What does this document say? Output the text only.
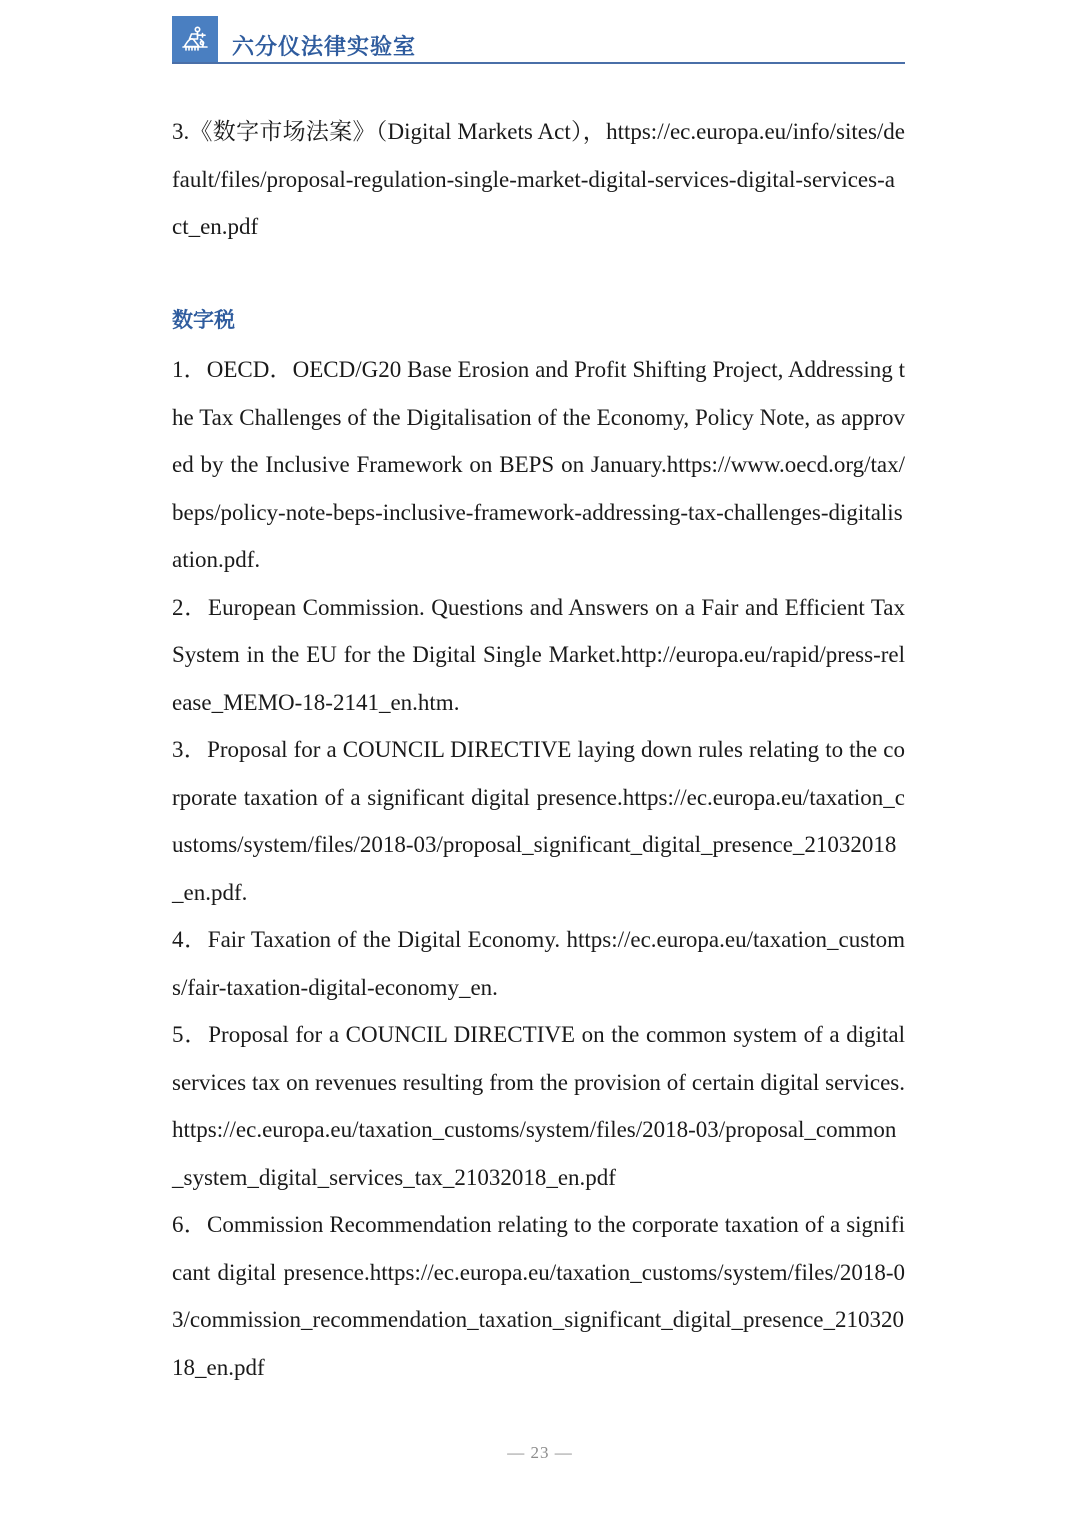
六分仪法律实验室

3.《数字市场法案》（Digital Markets Act），https://ec.europa.eu/info/sites/default/files/proposal-regulation-single-market-digital-services-digital-services-act_en.pdf

数字税

1．OECD．OECD/G20 Base Erosion and Profit Shifting Project, Addressing the Tax Challenges of the Digitalisation of the Economy, Policy Note, as approved by the Inclusive Framework on BEPS on January.https://www.oecd.org/tax/beps/policy-note-beps-inclusive-framework-addressing-tax-challenges-digitalisation.pdf.

2．European Commission. Questions and Answers on a Fair and Efficient Tax System in the EU for the Digital Single Market.http://europa.eu/rapid/press-release_MEMO-18-2141_en.htm.

3．Proposal for a COUNCIL DIRECTIVE laying down rules relating to the corporate taxation of a significant digital presence.https://ec.europa.eu/taxation_customs/system/files/2018-03/proposal_significant_digital_presence_21032018_en.pdf.

4．Fair Taxation of the Digital Economy. https://ec.europa.eu/taxation_customs/fair-taxation-digital-economy_en.

5．Proposal for a COUNCIL DIRECTIVE on the common system of a digital services tax on revenues resulting from the provision of certain digital services.https://ec.europa.eu/taxation_customs/system/files/2018-03/proposal_common_system_digital_services_tax_21032018_en.pdf

6．Commission Recommendation relating to the corporate taxation of a significant digital presence.https://ec.europa.eu/taxation_customs/system/files/2018-03/commission_recommendation_taxation_significant_digital_presence_21032018_en.pdf

— 23 —
